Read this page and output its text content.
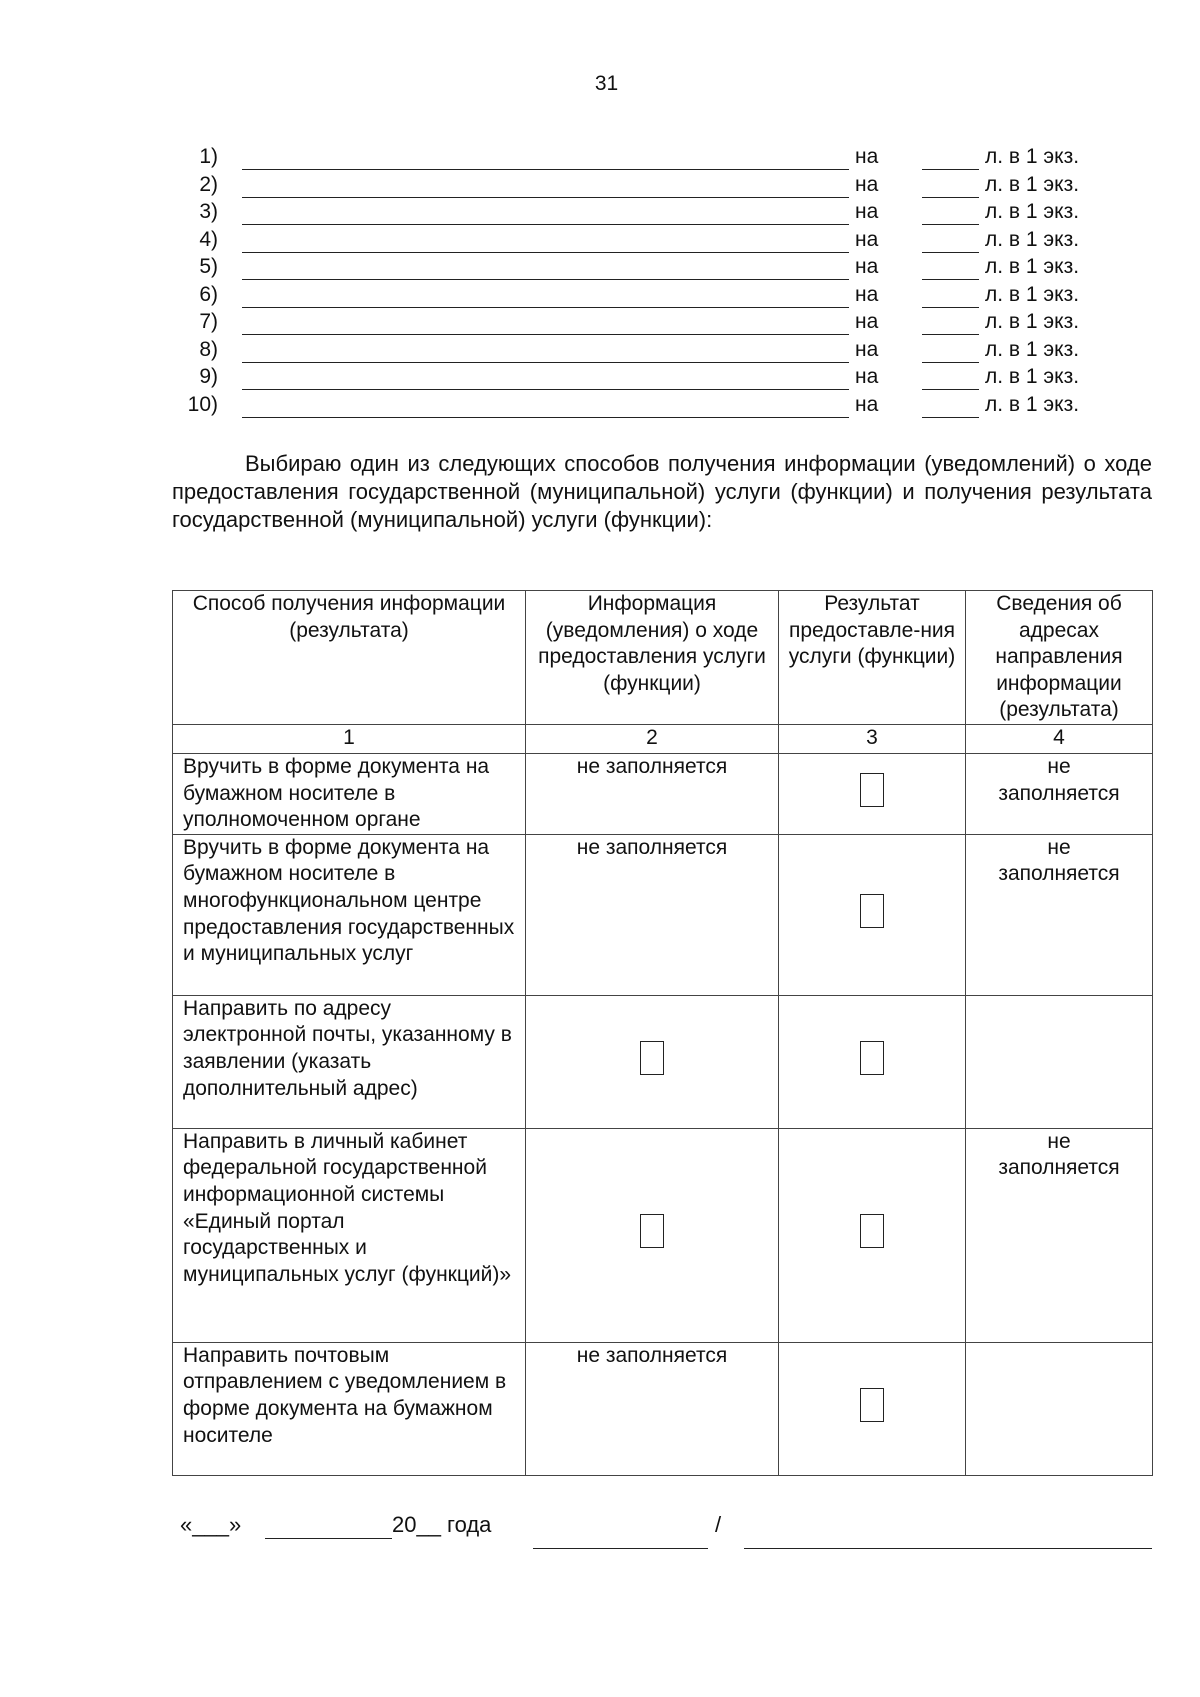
31
1)	на	л. в 1 экз.
2)	на	л. в 1 экз.
3)	на	л. в 1 экз.
4)	на	л. в 1 экз.
5)	на	л. в 1 экз.
6)	на	л. в 1 экз.
7)	на	л. в 1 экз.
8)	на	л. в 1 экз.
9)	на	л. в 1 экз.
10)	на	л. в 1 экз.
Выбираю один из следующих способов получения информации (уведомлений) о ходе предоставления государственной (муниципальной) услуги (функции) и получения результата государственной (муниципальной) услуги (функции):
Способ получения информации (результата)	Информация (уведомления) о ходе предоставления услуги (функции)	Результат предоставле-ния услуги (функции)	Сведения об адресах направления информации (результата)
1	2	3	4
Вручить в форме документа на бумажном носителе в уполномоченном органе	не заполняется		не
заполняется
Вручить в форме документа на бумажном носителе в многофункциональном центре предоставления государственных и муниципальных услуг	не заполняется		не
заполняется
Направить по адресу электронной почты, указанному в заявлении (указать дополнительный адрес)			
Направить в личный кабинет федеральной государственной информационной системы «Единый портал государственных и муниципальных услуг (функций)»			не
заполняется
Направить почтовым отправлением с уведомлением в форме документа на бумажном носителе	не заполняется		
«___»	20__ года	/
